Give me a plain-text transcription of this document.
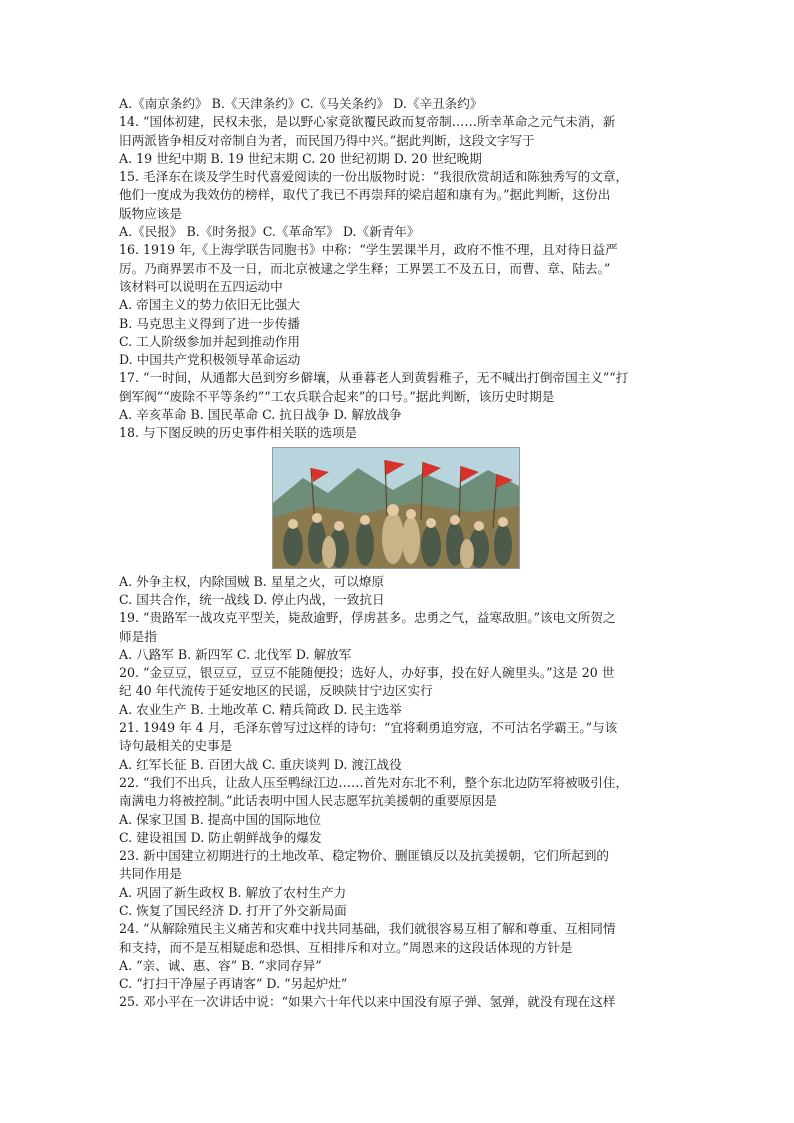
A.《南京条约》 B.《天津条约》C.《马关条约》 D.《辛丑条约》
14. “国体初建，民权未张，是以野心家竟欲覆民政而复帝制……所幸革命之元气未消，新
旧两派皆争相反对帝制自为者，而民国乃得中兴。”据此判断，这段文字写于
A. 19 世纪中期 B. 19 世纪末期 C. 20 世纪初期 D. 20 世纪晚期
15. 毛泽东在谈及学生时代喜爱阅读的一份出版物时说：“我很欣赏胡适和陈独秀写的文章，
他们一度成为我效仿的榜样，取代了我已不再崇拜的梁启超和康有为。”据此判断，这份出
版物应该是
A.《民报》 B.《时务报》C.《革命军》 D.《新青年》
16. 1919 年,《上海学联告同胞书》中称：“学生罢课半月，政府不惟不理，且对待日益严
厉。乃商界罢市不及一日，而北京被逮之学生释；工界罢工不及五日，而曹、章、陆去。”
该材料可以说明在五四运动中
A. 帝国主义的势力依旧无比强大
B. 马克思主义得到了进一步传播
C. 工人阶级参加并起到推动作用
D. 中国共产党积极领导革命运动
17. “一时间，从通都大邑到穷乡僻壤，从垂暮老人到黄髫稚子，无不喊出打倒帝国主义”“打
倒军阀”“废除不平等条约”“工农兵联合起来”的口号。”据此判断，该历史时期是
A. 辛亥革命 B. 国民革命 C. 抗日战争 D. 解放战争
18. 与下图反映的历史事件相关联的选项是
A. 外争主权，内除国贼 B. 星星之火，可以燎原
C. 国共合作，统一战线 D. 停止内战，一致抗日
19. “贵路军一战攻克平型关，毙敌逾野，俘虏甚多。忠勇之气，益寒敌胆。”该电文所贺之
师是指
A. 八路军 B. 新四军 C. 北伐军 D. 解放军
20. “金豆豆，银豆豆，豆豆不能随便投；选好人，办好事，投在好人碗里头。”这是 20 世
纪 40 年代流传于延安地区的民谣，反映陕甘宁边区实行
A. 农业生产 B. 土地改革 C. 精兵简政 D. 民主选举
21. 1949 年 4 月，毛泽东曾写过这样的诗句：“宜将剩勇追穷寇，不可沽名学霸王。”与该
诗句最相关的史事是
A. 红军长征 B. 百团大战 C. 重庆谈判 D. 渡江战役
22. “我们不出兵，让敌人压至鸭绿江边……首先对东北不利，整个东北边防军将被吸引住，
南满电力将被控制。”此话表明中国人民志愿军抗美援朝的重要原因是
A. 保家卫国 B. 提高中国的国际地位
C. 建设祖国 D. 防止朝鲜战争的爆发
23. 新中国建立初期进行的土地改革、稳定物价、删匪镇反以及抗美援朝，它们所起到的
共同作用是
A. 巩固了新生政权 B. 解放了农村生产力
C. 恢复了国民经济 D. 打开了外交新局面
24. “从解除殖民主义痛苦和灾难中找共同基础，我们就很容易互相了解和尊重、互相同情
和支持，而不是互相疑虑和恐惧、互相排斥和对立。”周恩来的这段话体现的方针是
A. “亲、诚、惠、容” B. “求同存异”
C. “打扫干净屋子再请客” D. “另起炉灶”
25. 邓小平在一次讲话中说：“如果六十年代以来中国没有原子弹、氢弹，就没有现在这样
